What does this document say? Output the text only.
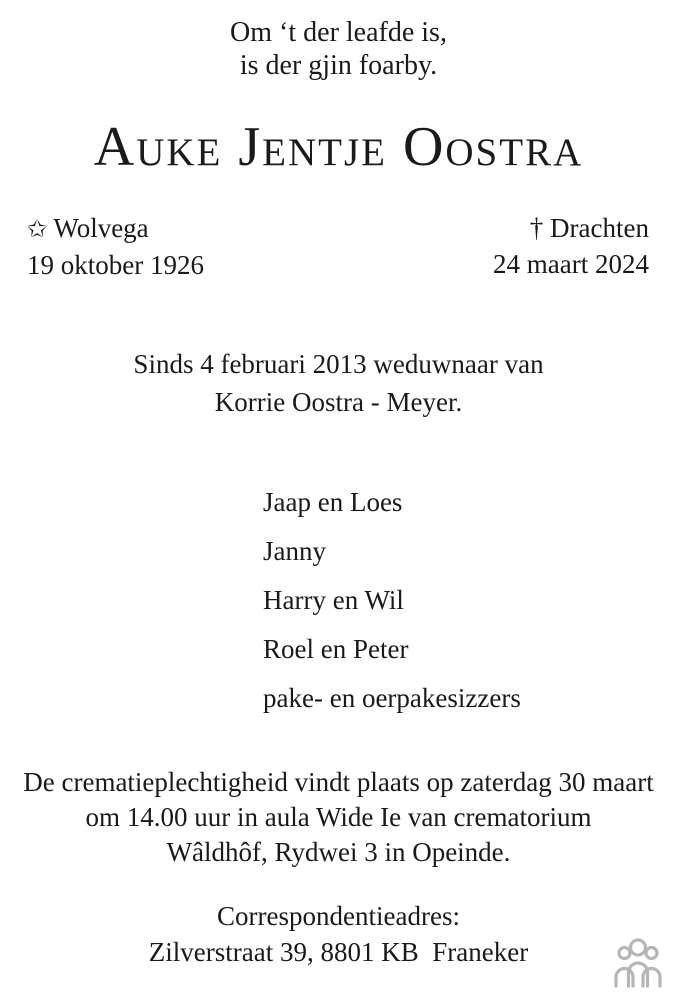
Om ‘t der leafde is,
is der gjin foarby.
Auke Jentje Oostra
✩ Wolvega
19 oktober 1926
† Drachten
24 maart 2024
Sinds 4 februari 2013 weduwnaar van
Korrie Oostra - Meyer.
Jaap en Loes
Janny
Harry en Wil
Roel en Peter
pake- en oerpakesizzers
De crematieplechtigheid vindt plaats op zaterdag 30 maart
om 14.00 uur in aula Wide Ie van crematorium
Wâldhôf, Rydwei 3 in Opeinde.
Correspondentieadres:
Zilverstraat 39, 8801 KB  Franeker
